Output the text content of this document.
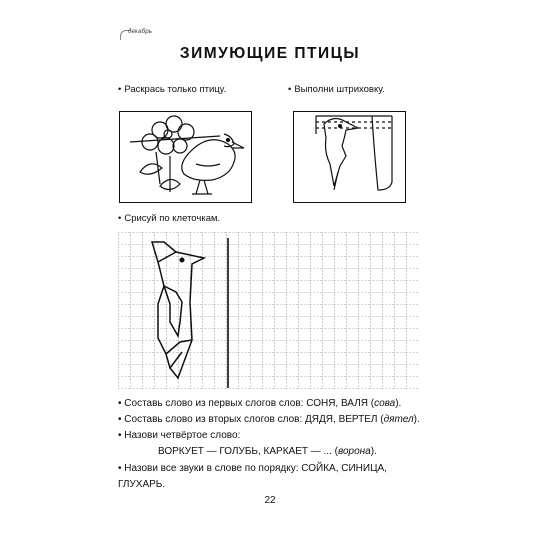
декабрь
ЗИМУЮЩИЕ ПТИЦЫ
• Раскрась только птицу.	• Выполни штриховку.
• Срисуй по клеточкам.
• Составь слово из первых слогов слов: СОНЯ, ВАЛЯ (сова).
• Составь слово из вторых слогов слов: ДЯДЯ, ВЕРТЕЛ (дятел).
• Назови четвёртое слово:
ВОРКУЕТ — ГОЛУБЬ, КАРКАЕТ — ... (ворона).
• Назови все звуки в слове по порядку: СОЙКА, СИНИЦА,
ГЛУХАРЬ.
22
